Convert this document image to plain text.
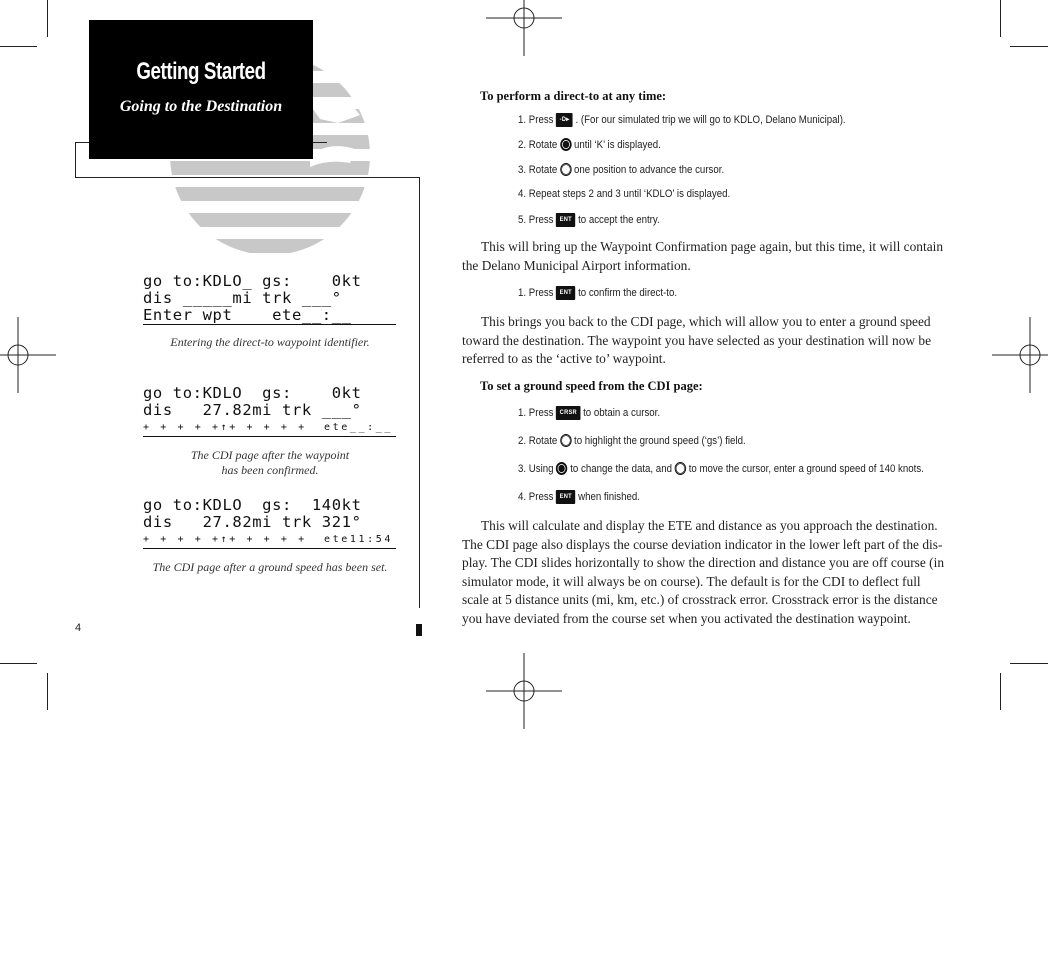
Getting Started
Going to the Destination
go to:KDLO_ gs:    0kt
dis _____mi trk ___°
Enter wpt    ete__:__
Entering the direct-to waypoint identifier.
go to:KDLO  gs:    0kt
dis   27.82mi trk ___°
+ + + + +↑+ + + + +  ete__:__
The CDI page after the waypoint
has been confirmed.
go to:KDLO  gs:  140kt
dis   27.82mi trk 321°
+ + + + +↑+ + + + +  ete11:54
The CDI page after a ground speed has been set.
4
To perform a direct-to at any time:
1. Press -D▸ . (For our simulated trip we will go to KDLO, Delano Municipal).
2. Rotate until ‘K’ is displayed.
3. Rotate one position to advance the cursor.
4. Repeat steps 2 and 3 until ‘KDLO’ is displayed.
5. Press ENT to accept the entry.
This will bring up the Waypoint Confirmation page again, but this time, it will contain the Delano Municipal Airport information.
1. Press ENT to confirm the direct-to.
This brings you back to the CDI page, which will allow you to enter a ground speed toward the destination. The waypoint you have selected as your destination will now be referred to as the ‘active to’ waypoint.
To set a ground speed from the CDI page:
1. Press CRSR to obtain a cursor.
2. Rotate to highlight the ground speed (‘gs’) field.
3. Using to change the data, and to move the cursor, enter a ground speed of 140 knots.
4. Press ENT when finished.
This will calculate and display the ETE and distance as you approach the destination. The CDI page also displays the course deviation indicator in the lower left part of the dis-play. The CDI slides horizontally to show the direction and distance you are off course (in simulator mode, it will always be on course). The default is for the CDI to deflect full scale at 5 distance units (mi, km, etc.) of crosstrack error. Crosstrack error is the distance you have deviated from the course set when you activated the destination waypoint.
